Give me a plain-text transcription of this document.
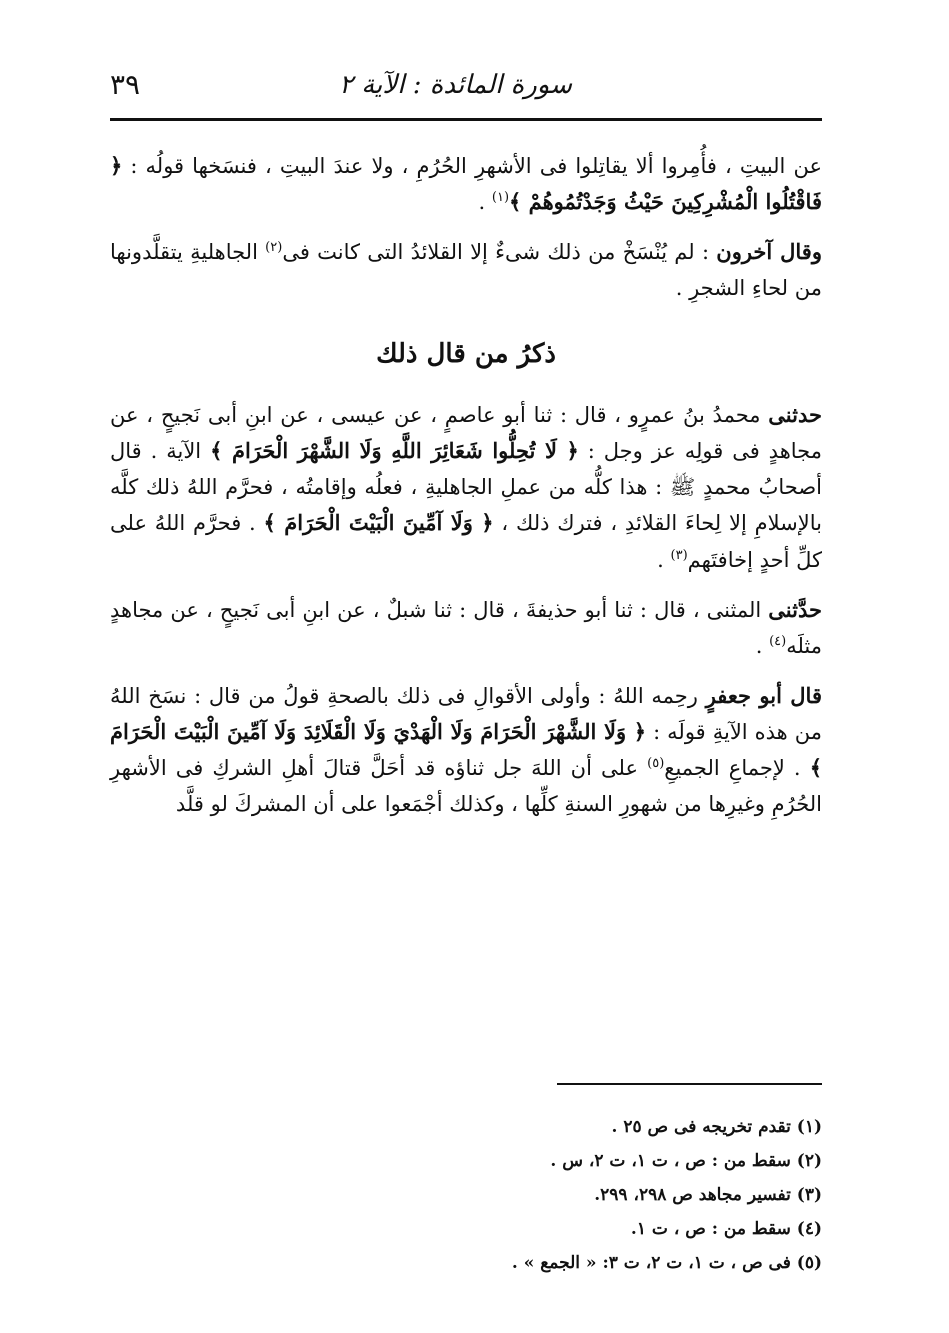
سورة المائدة : الآية ٢
٣٩

عن البيتِ ، فأُمِروا ألا يقاتِلوا فى الأشهرِ الحُرُمِ ، ولا عندَ البيتِ ، فنسَخها قولُه : ﴿ فَاقْتُلُوا الْمُشْرِكِينَ حَيْثُ وَجَدْتُمُوهُمْ ﴾$^{(١)}$ .

وقال آخرون : لم يُنْسَخْ من ذلك شىءٌ إلا القلائدُ التى كانت فى$^{(٢)}$ الجاهليةِ يتقلَّدونها من لحاءِ الشجرِ .

ذكرُ من قال ذلك

حدثنى محمدُ بنُ عمرٍو ، قال : ثنا أبو عاصمٍ ، عن عيسى ، عن ابنِ أبى نَجيحٍ ، عن مجاهدٍ فى قولِه عز وجل : ﴿ لَا تُحِلُّوا شَعَائِرَ اللَّهِ وَلَا الشَّهْرَ الْحَرَامَ ﴾ الآية . قال أصحابُ محمدٍ ﷺ : هذا كلُّه من عملِ الجاهليةِ ، فعلُه وإقامتُه ، فحرَّم اللهُ ذلك كلَّه بالإسلامِ إلا لِحاءَ القلائدِ ، فترك ذلك ، ﴿ وَلَا آمِّينَ الْبَيْتَ الْحَرَامَ ﴾ . فحرَّم اللهُ على كلِّ أحدٍ إخافتَهم$^{(٣)}$ .

حدَّثنى المثنى ، قال : ثنا أبو حذيفةَ ، قال : ثنا شبلٌ ، عن ابنِ أبى نَجيحٍ ، عن مجاهدٍ مثلَه$^{(٤)}$ .

قال أبو جعفرٍ رحِمه اللهُ : وأولى الأقوالِ فى ذلك بالصحةِ قولُ من قال : نسَخ اللهُ من هذه الآيةِ قولَه : ﴿ وَلَا الشَّهْرَ الْحَرَامَ وَلَا الْهَدْيَ وَلَا الْقَلَائِدَ وَلَا آمِّينَ الْبَيْتَ الْحَرَامَ ﴾ . لإجماعِ الجميعِ$^{(٥)}$ على أن اللهَ جل ثناؤه قد أحَلَّ قتالَ أهلِ الشركِ فى الأشهرِ الحُرُمِ وغيرِها من شهورِ السنةِ كلِّها ، وكذلك أجْمَعوا على أن المشركَ لو قلَّد

(١) تقدم تخريجه فى ص ٢٥ .

(٢) سقط من : ص ، ت ١، ت ٢، س .

(٣) تفسير مجاهد ص ٢٩٨، ٢٩٩.

(٤) سقط من : ص ، ت ١.

(٥) فى ص ، ت ١، ت ٢، ت ٣: « الجمع » .
